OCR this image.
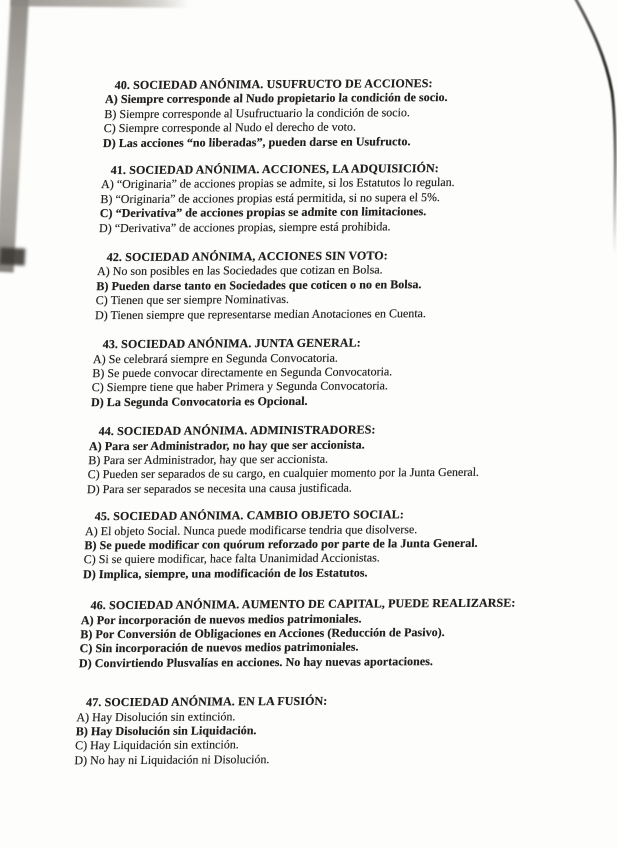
40. SOCIEDAD ANÓNIMA. USUFRUCTO DE ACCIONES:

A) Siempre corresponde al Nudo propietario la condición de socio.

B) Siempre corresponde al Usufructuario la condición de socio.

C) Siempre corresponde al Nudo el derecho de voto.

D) Las acciones “no liberadas”, pueden darse en Usufructo.

41. SOCIEDAD ANÓNIMA. ACCIONES, LA ADQUISICIÓN:

A) “Originaria” de acciones propias se admite, si los Estatutos lo regulan.

B) “Originaria” de acciones propias está permitida, si no supera el 5%.

C) “Derivativa” de acciones propias se admite con limitaciones.

D) “Derivativa” de acciones propias, siempre está prohibida.

42. SOCIEDAD ANÓNIMA, ACCIONES SIN VOTO:

A) No son posibles en las Sociedades que cotizan en Bolsa.

B) Pueden darse tanto en Sociedades que coticen o no en Bolsa.

C) Tienen que ser siempre Nominativas.

D) Tienen siempre que representarse median Anotaciones en Cuenta.

43. SOCIEDAD ANÓNIMA. JUNTA GENERAL:

A) Se celebrará siempre en Segunda Convocatoria.

B) Se puede convocar directamente en Segunda Convocatoria.

C) Siempre tiene que haber Primera y Segunda Convocatoria.

D) La Segunda Convocatoria es Opcional.

44. SOCIEDAD ANÓNIMA. ADMINISTRADORES:

A) Para ser Administrador, no hay que ser accionista.

B) Para ser Administrador, hay que ser accionista.

C) Pueden ser separados de su cargo, en cualquier momento por la Junta General.

D) Para ser separados se necesita una causa justificada.

45. SOCIEDAD ANÓNIMA. CAMBIO OBJETO SOCIAL:

A) El objeto Social. Nunca puede modificarse tendria que disolverse.

B) Se puede modificar con quórum reforzado por parte de la Junta General.

C) Si se quiere modificar, hace falta Unanimidad Accionistas.

D) Implica, siempre, una modificación de los Estatutos.

46. SOCIEDAD ANÓNIMA. AUMENTO DE CAPITAL, PUEDE REALIZARSE:

A) Por incorporación de nuevos medios patrimoniales.

B) Por Conversión de Obligaciones en Acciones (Reducción de Pasivo).

C) Sin incorporación de nuevos medios patrimoniales.

D) Convirtiendo Plusvalías en acciones. No hay nuevas aportaciones.

47. SOCIEDAD ANÓNIMA. EN LA FUSIÓN:

A) Hay Disolución sin extinción.

B) Hay Disolución sin Liquidación.

C) Hay Liquidación sin extinción.

D) No hay ni Liquidación ni Disolución.
